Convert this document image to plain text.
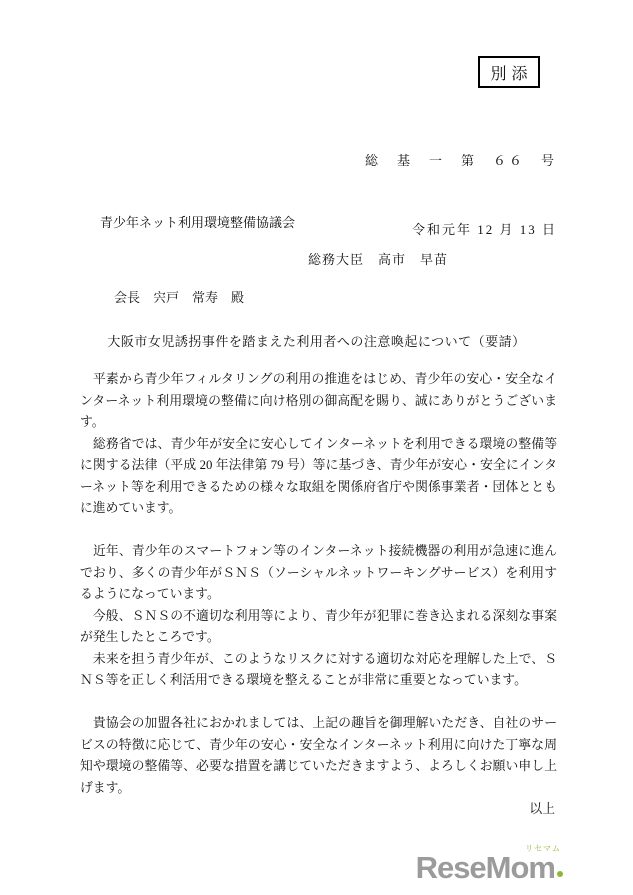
別添

総　基　一　第　６６　号

令和元年 12 月 13 日

青少年ネット利用環境整備協議会

会長　宍戸　常寿　殿

総務大臣　高市　早苗
大阪市女児誘拐事件を踏まえた利用者への注意喚起について（要請）

　平素から青少年フィルタリングの利用の推進をはじめ、青少年の安心・安全なインターネット利用環境の整備に向け格別の御高配を賜り、誠にありがとうございます。

　総務省では、青少年が安全に安心してインターネットを利用できる環境の整備等に関する法律（平成 20 年法律第 79 号）等に基づき、青少年が安心・安全にインターネット等を利用できるための様々な取組を関係府省庁や関係事業者・団体とともに進めています。

　近年、青少年のスマートフォン等のインターネット接続機器の利用が急速に進んでおり、多くの青少年がＳＮＳ（ソーシャルネットワーキングサービス）を利用するようになっています。

　今般、ＳＮＳの不適切な利用等により、青少年が犯罪に巻き込まれる深刻な事案が発生したところです。

　未来を担う青少年が、このようなリスクに対する適切な対応を理解した上で、ＳＮＳ等を正しく利活用できる環境を整えることが非常に重要となっています。

　貴協会の加盟各社におかれましては、上記の趣旨を御理解いただき、自社のサービスの特徴に応じて、青少年の安心・安全なインターネット利用に向けた丁寧な周知や環境の整備等、必要な措置を講じていただきますよう、よろしくお願い申し上げます。

以上

リセマム
ReseMom
